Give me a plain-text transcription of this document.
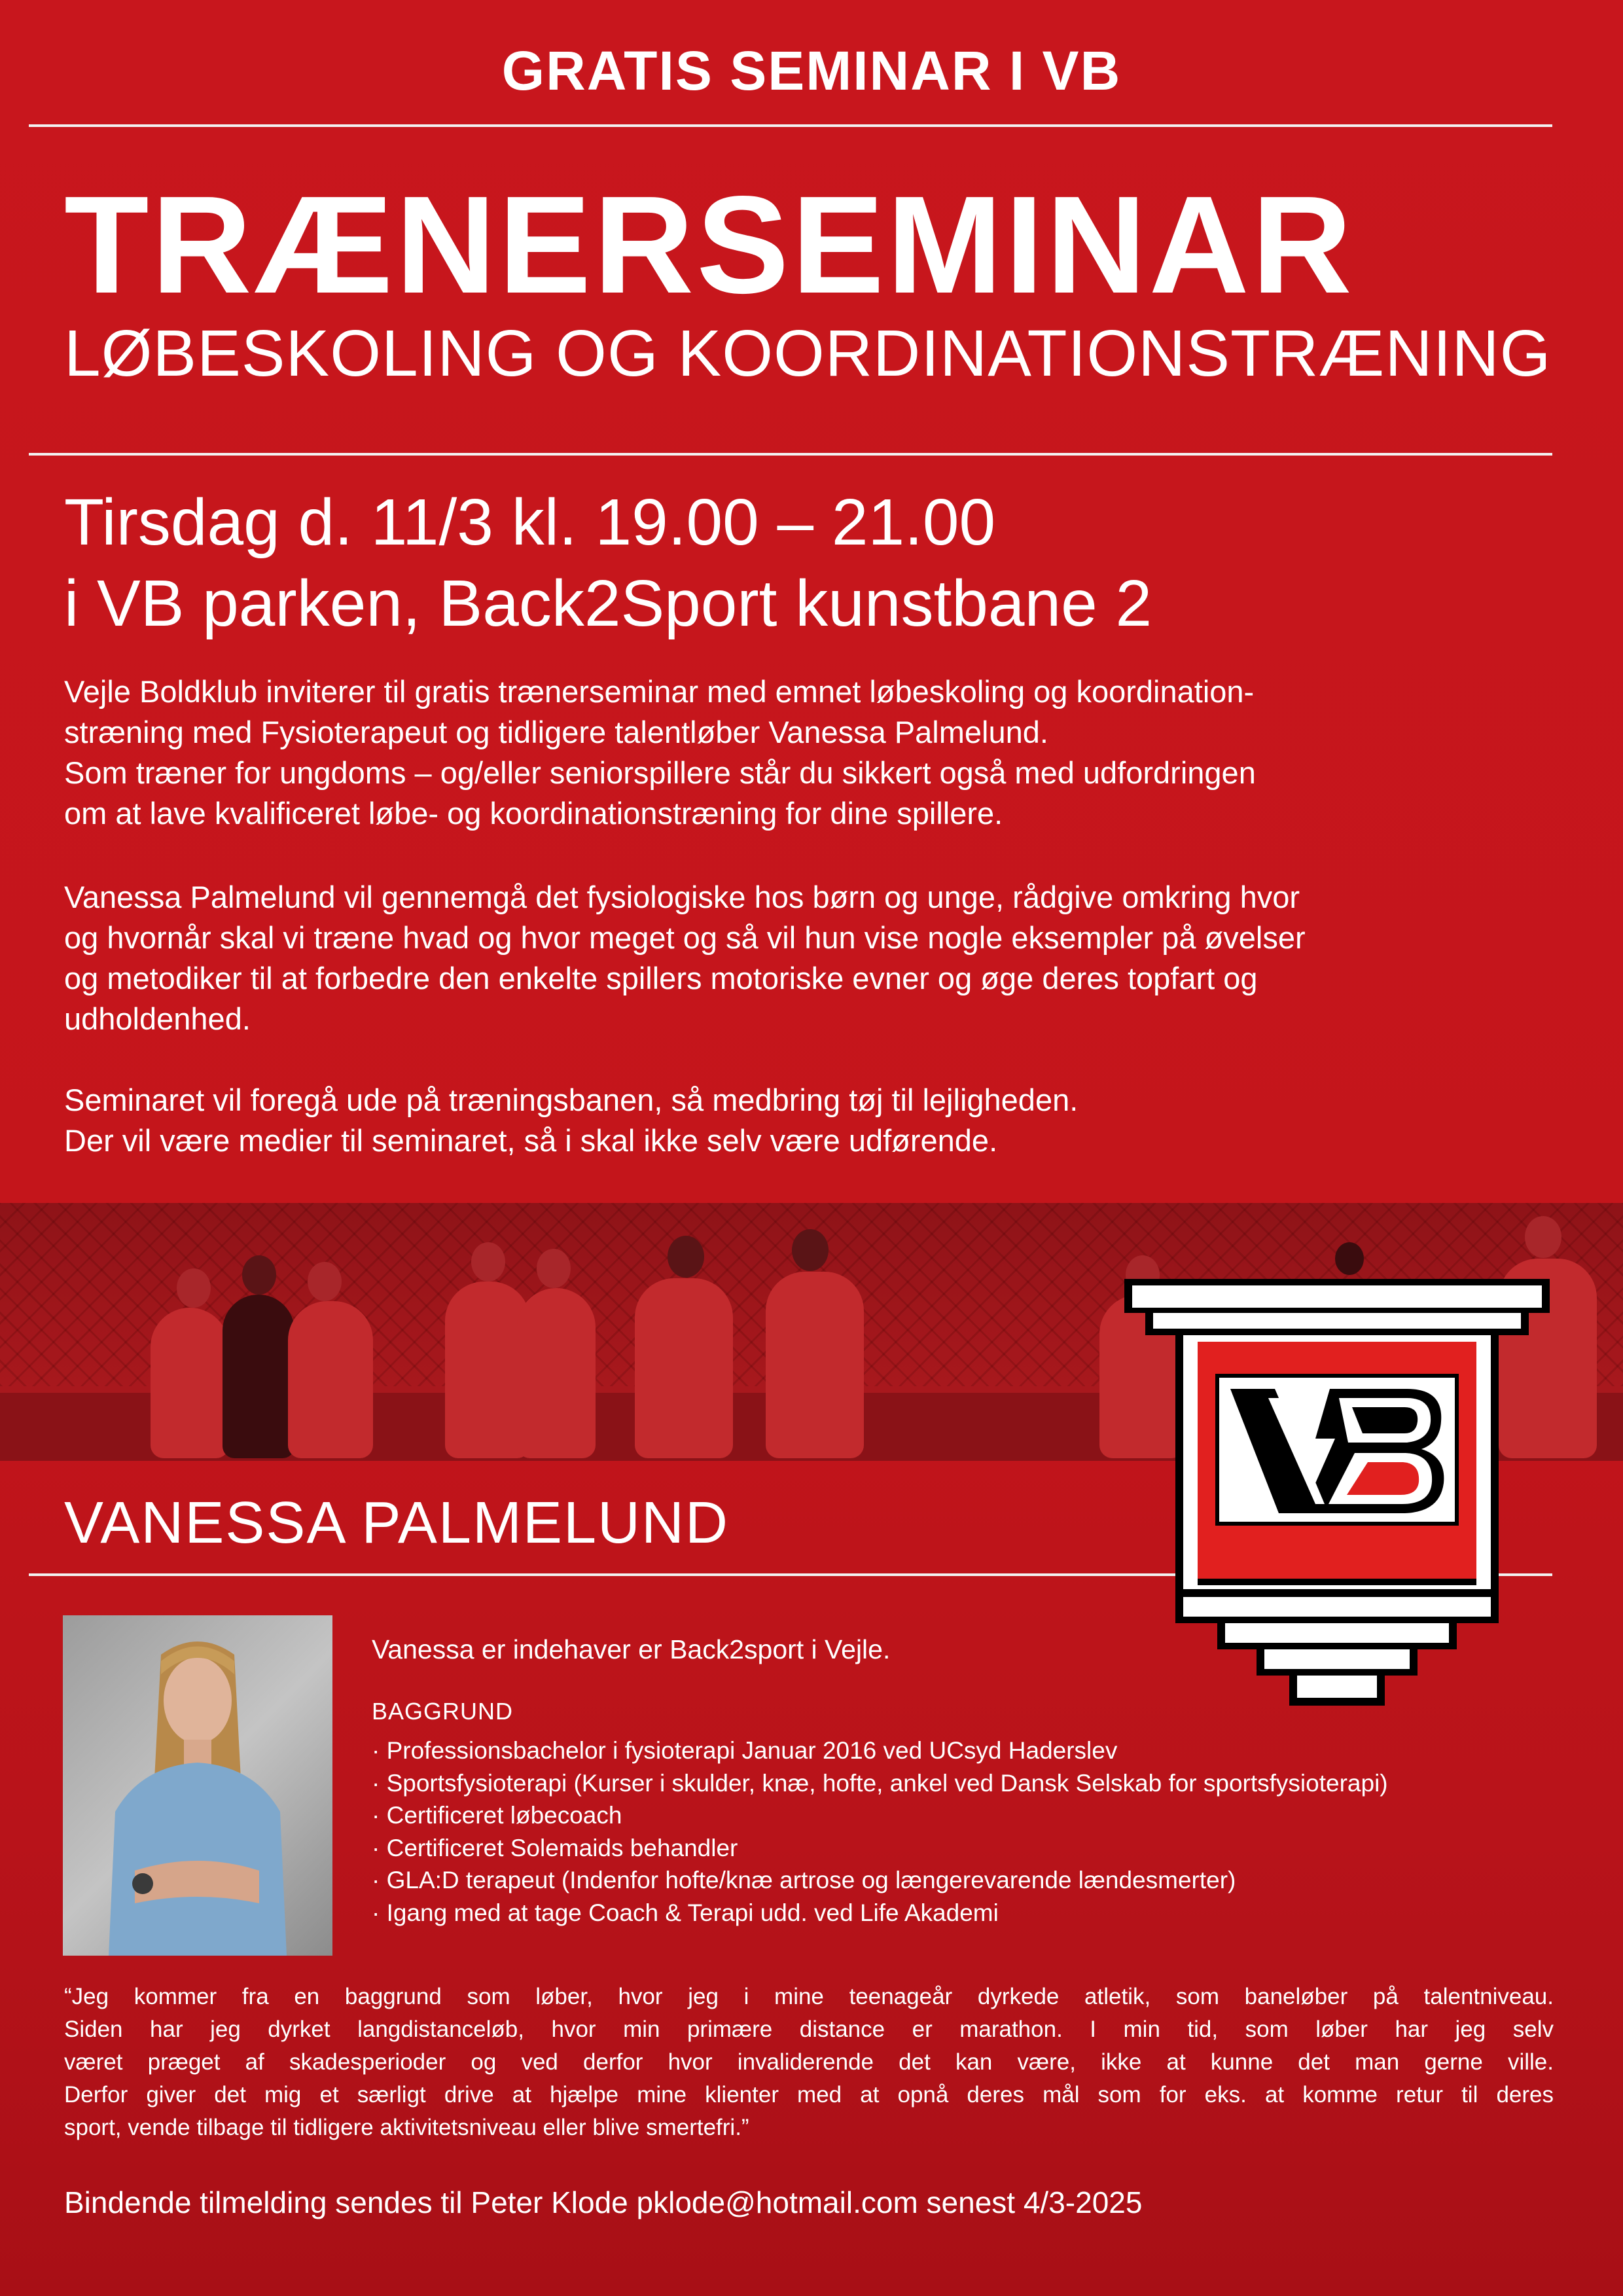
GRATIS SEMINAR I VB
TRÆNERSEMINAR
LØBESKOLING OG KOORDINATIONSTRÆNING
Tirsdag d. 11/3 kl. 19.00 – 21.00
i VB parken, Back2Sport kunstbane 2
Vejle Boldklub inviterer til gratis trænerseminar med emnet løbeskoling og koordination-
stræning med Fysioterapeut og tidligere talentløber Vanessa Palmelund.
Som træner for ungdoms – og/eller seniorspillere står du sikkert også med udfordringen
om at lave kvalificeret løbe- og koordinationstræning for dine spillere.
Vanessa Palmelund vil gennemgå det fysiologiske hos børn og unge, rådgive omkring hvor
og hvornår skal vi træne hvad og hvor meget og så vil hun vise nogle eksempler på øvelser
og metodiker til at forbedre den enkelte spillers motoriske evner og øge deres topfart og
udholdenhed.
Seminaret vil foregå ude på træningsbanen, så medbring tøj til lejligheden.
Der vil være medier til seminaret, så i skal ikke selv være udførende.
VANESSA PALMELUND
Vanessa er indehaver er Back2sport i Vejle.
BAGGRUND
· Professionsbachelor i fysioterapi Januar 2016 ved UCsyd Haderslev
· Sportsfysioterapi (Kurser i skulder, knæ, hofte, ankel ved Dansk Selskab for sportsfysioterapi)
· Certificeret løbecoach
· Certificeret Solemaids behandler
· GLA:D terapeut (Indenfor hofte/knæ artrose og længerevarende lændesmerter)
· Igang med at tage Coach & Terapi udd. ved Life Akademi
“Jeg kommer fra en baggrund som løber, hvor jeg i mine teenageår dyrkede atletik, som baneløber på talentniveau.
Siden har jeg dyrket langdistanceløb, hvor min primære distance er marathon. I min tid, som løber har jeg selv
været præget af skadesperioder og ved derfor hvor invaliderende det kan være, ikke at kunne det man gerne ville.
Derfor giver det mig et særligt drive at hjælpe mine klienter med at opnå deres mål som for eks. at komme retur til deres
sport, vende tilbage til tidligere aktivitetsniveau eller blive smertefri.”
Bindende tilmelding sendes til Peter Klode pklode@hotmail.com senest 4/3-2025
